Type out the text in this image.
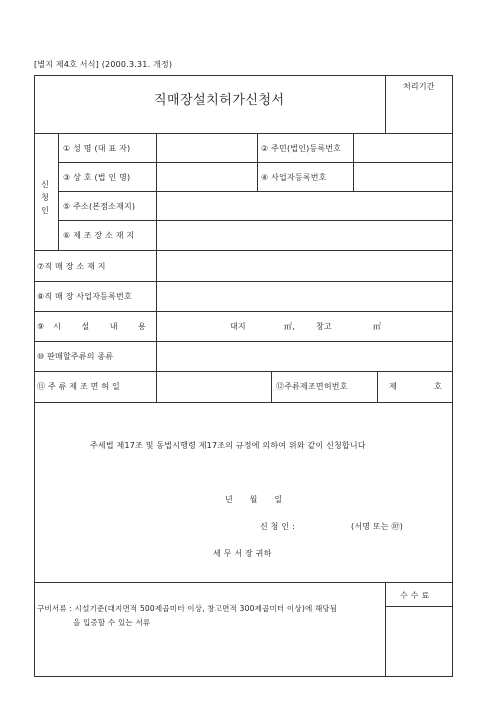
[별지 제4호 서식] (2000.3.31. 개정)
직매장설치허가신청서
처리기간
신
청
인
① 성 명 (대 표 자)	② 주민(법인)등록번호
③ 상 호 (법 인 명)	④ 사업자등록번호
⑤ 주소(본점소재지)
⑥ 제 조 장 소 재 지
⑦직 매 장 소 재 지
⑧직 매 장 사업자등록번호
⑨시 설 내 용	대지	㎡,	창고	㎡
⑩ 판매할주류의 종류
⑪ 주 류 제 조 면 허 일	⑫주류제조면허번호	제	호
주세법 제17조 및 동법시행령 제17조의 규정에 의하여 위와 같이 신청합니다
년 월 일
신 청 인 :	(서명 또는 ㊞)
세 무 서 장 귀하
구비서류 : 시설기준(대지면적 500제곱미터 이상, 창고면적 300제곱미터 이상)에 해당됨
을 입증할 수 있는 서류
수 수 료
